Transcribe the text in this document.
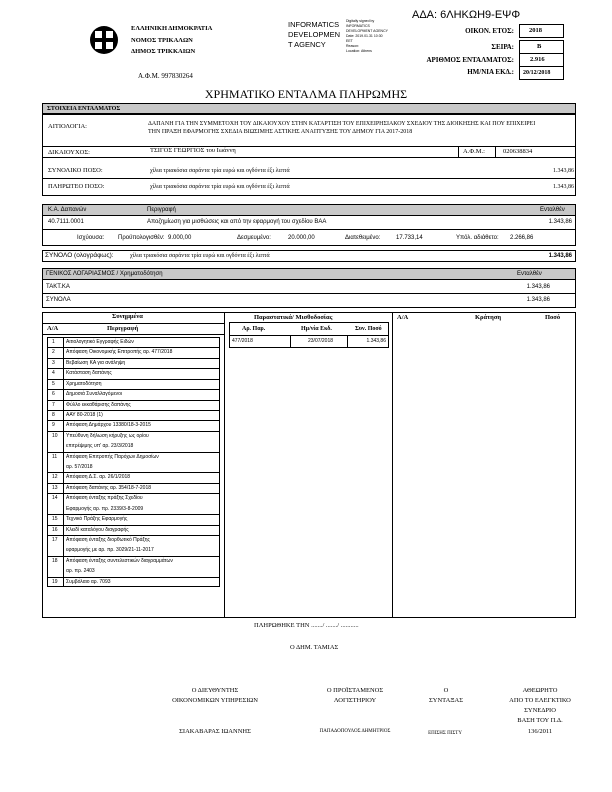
ΑΔΑ: 6ΛΗΚΩΗ9-ΕΨΦ
ΕΛΛΗΝΙΚΗ ΔΗΜΟΚΡΑΤΙΑ
ΝΟΜΟΣ ΤΡΙΚΑΛΩΝ
ΔΗΜΟΣ ΤΡΙΚΚΑΙΩΝ
Α.Φ.Μ. 997830264
INFORMATICS
DEVELOPMEN
T AGENCY
Digitally signed by
INFORMATICS
DEVELOPMENT AGENCY
Date: 2019.01.31 10:30
EET
Reason:
Location: Athens
ΟΙΚΟΝ. ΕΤΟΣ: 2018
ΣΕΙΡΑ:	Β
ΑΡΙΘΜΟΣ ΕΝΤΑΛΜΑΤΟΣ: 2.916
ΗΜ/ΝΙΑ ΕΚΔ.: 20/12/2018
ΧΡΗΜΑΤΙΚΟ ΕΝΤΑΛΜΑ ΠΛΗΡΩΜΗΣ
ΣΤΟΙΧΕΙΑ ΕΝΤΑΛΜΑΤΟΣ
ΑΙΤΙΟΛΟΓΙΑ:	ΔΑΠΑΝΗ ΓΙΑ ΤΗΝ ΣΥΜΜΕΤΟΧΗ ΤΟΥ ΔΙΚΑΙΟΥΧΟΥ ΣΤΗΝ ΚΑΤΑΡΤΙΣΗ ΤΟΥ ΕΠΙΧΕΙΡΗΣΙΑΚΟΥ ΣΧΕΔΙΟΥ ΤΗΣ ΔΙΟΙΚΗΣΗΣ ΚΑΙ ΠΟΥ ΕΠΙΧΕΙΡΕΙ ΤΗΝ ΠΡΑΞΗ ΕΦΑΡΜΟΓΗΣ ΣΧΕΔΙΑ ΒΙΩΣΙΜΗΣ ΑΣΤΙΚΗΣ ΑΝΑΠΤΥΞΗΣ ΤΟΥ ΔΗΜΟΥ ΓΙΑ 2017-2018
ΔΙΚΑΙΟΥΧΟΣ:	ΤΣΙΓΟΣ ΓΕΩΡΓΙΟΣ του Ιωάννη	Α.Φ.Μ.:	020638834
ΣΥΝΟΛΙΚΟ ΠΟΣΟ:	χίλια τριακόσια σαράντα τρία ευρώ και ογδόντα έξι λεπτά	1.343,86
ΠΛΗΡΩΤΕΟ ΠΟΣΟ:	χίλια τριακόσια σαράντα τρία ευρώ και ογδόντα έξι λεπτά	1.343,86
Κ.Α. Δαπανών	Περιγραφή	Ενταλθέν
40.7111.0001	Αποζημίωση για μισθώσεις και από την εφαρμογή του σχεδίου ΒΑΑ	1.343,86
Ισχύουσα: Προϋπολογισθέν: 9.000,00	Δεσμευμένο:	20.000,00	Διατεθειμένο:	17.733,14	Υπόλ. αδιάθετο: 2.266,86
ΣΥΝΟΛΟ (ολογράφως):	χίλια τριακόσια σαράντα τρία ευρώ και ογδόντα έξι λεπτά	1.343,86
ΓΕΝΙΚΟΣ ΛΟΓΑΡΙΑΣΜΟΣ / Χρηματοδότηση	Ενταλθέν
ΤΑΚΤ.ΚΑ	1.343,86
ΣΥΝΟΛΑ	1.343,86
Συνημμένα
Α/Α	Περιγραφή
1 Αιτιολογητικό Εγγραφής Ειδών
2 Απόφαση Οικονομικής Επιτροπής αρ. 477/2018
3 Βεβαίωση ΚΑ για ανάληψη
4 Κατάσταση δαπάνης
5 Χρηματοδότηση
6 Δημοσιά Συναλλαγόμενοι
7 Φύλλο εκκαθάρισης δαπάνης
8 ΑΑΥ 80-2018 (1)
9 Απόφαση Δημάρχου 13380/18-3-2015
10 Υπεύθυνη δήλωση κήρυξης ως ορίου
επιτρέψιμης υπ' αρ. 23/3/2018
11 Απόφαση Επιτροπής Παρόχων Δημοσίων
αρ. 57/2018
12 Απόφαση Δ.Σ. αρ. 26/1/2018
13 Απόφαση δαπάνης αρ. 354/18-7-2018
14 Απόφαση ένταξης πράξης Σχεδίου
Εφαρμογής αρ. πρ. 2339/3-8-2009
15 Τεχνικό Πράξης Εφαρμογής
16 Κλειδί καταλόγου διαγραφής
17 Απόφαση ένταξης διορθωτικό Πράξης
εφαρμογής με αρ. πρ. 3029/21-11-2017
18 Απόφαση ένταξης συντελεστικών διαγραμμάτων
αρ. πρ. 2403
19 Συμβόλαιο αρ. 7093
Παραστατικά/ Μισθοδοσίας
Αρ. Παρ.	Ημ/νία Εκδ.	Συν. Ποσό
477/2018	23/07/2018	1.343,86
Α/Α	Κράτηση	Ποσό
ΠΛΗΡΩΘΗΚΕ ΤΗΝ ......./ ......./ ...........
Ο ΔΗΜ. ΤΑΜΙΑΣ
Ο ΔΙΕΥΘΥΝΤΗΣ
ΟΙΚΟΝΟΜΙΚΩΝ ΥΠΗΡΕΣΙΩΝ
Ο ΠΡΟΪΣΤΑΜΕΝΟΣ
ΛΟΓΙΣΤΗΡΙΟΥ
Ο
ΣΥΝΤΑΞΑΣ
ΑΘΕΩΡΗΤΟ
ΑΠΟ ΤΟ ΕΛΕΓΚΤΙΚΟ
ΣΥΝΕΔΡΙΟ
ΒΑΣΗ ΤΟΥ Π.Δ.
136/2011
ΣΙΑΚΑΒΑΡΑΣ ΙΩΑΝΝΗΣ	ΠΑΠΑΔΟΠΟΥΛΟΣ ΔΗΜΗΤΡΙΟΣ	ΕΠΙΣΗΣ ΠΙΣΤΥ
